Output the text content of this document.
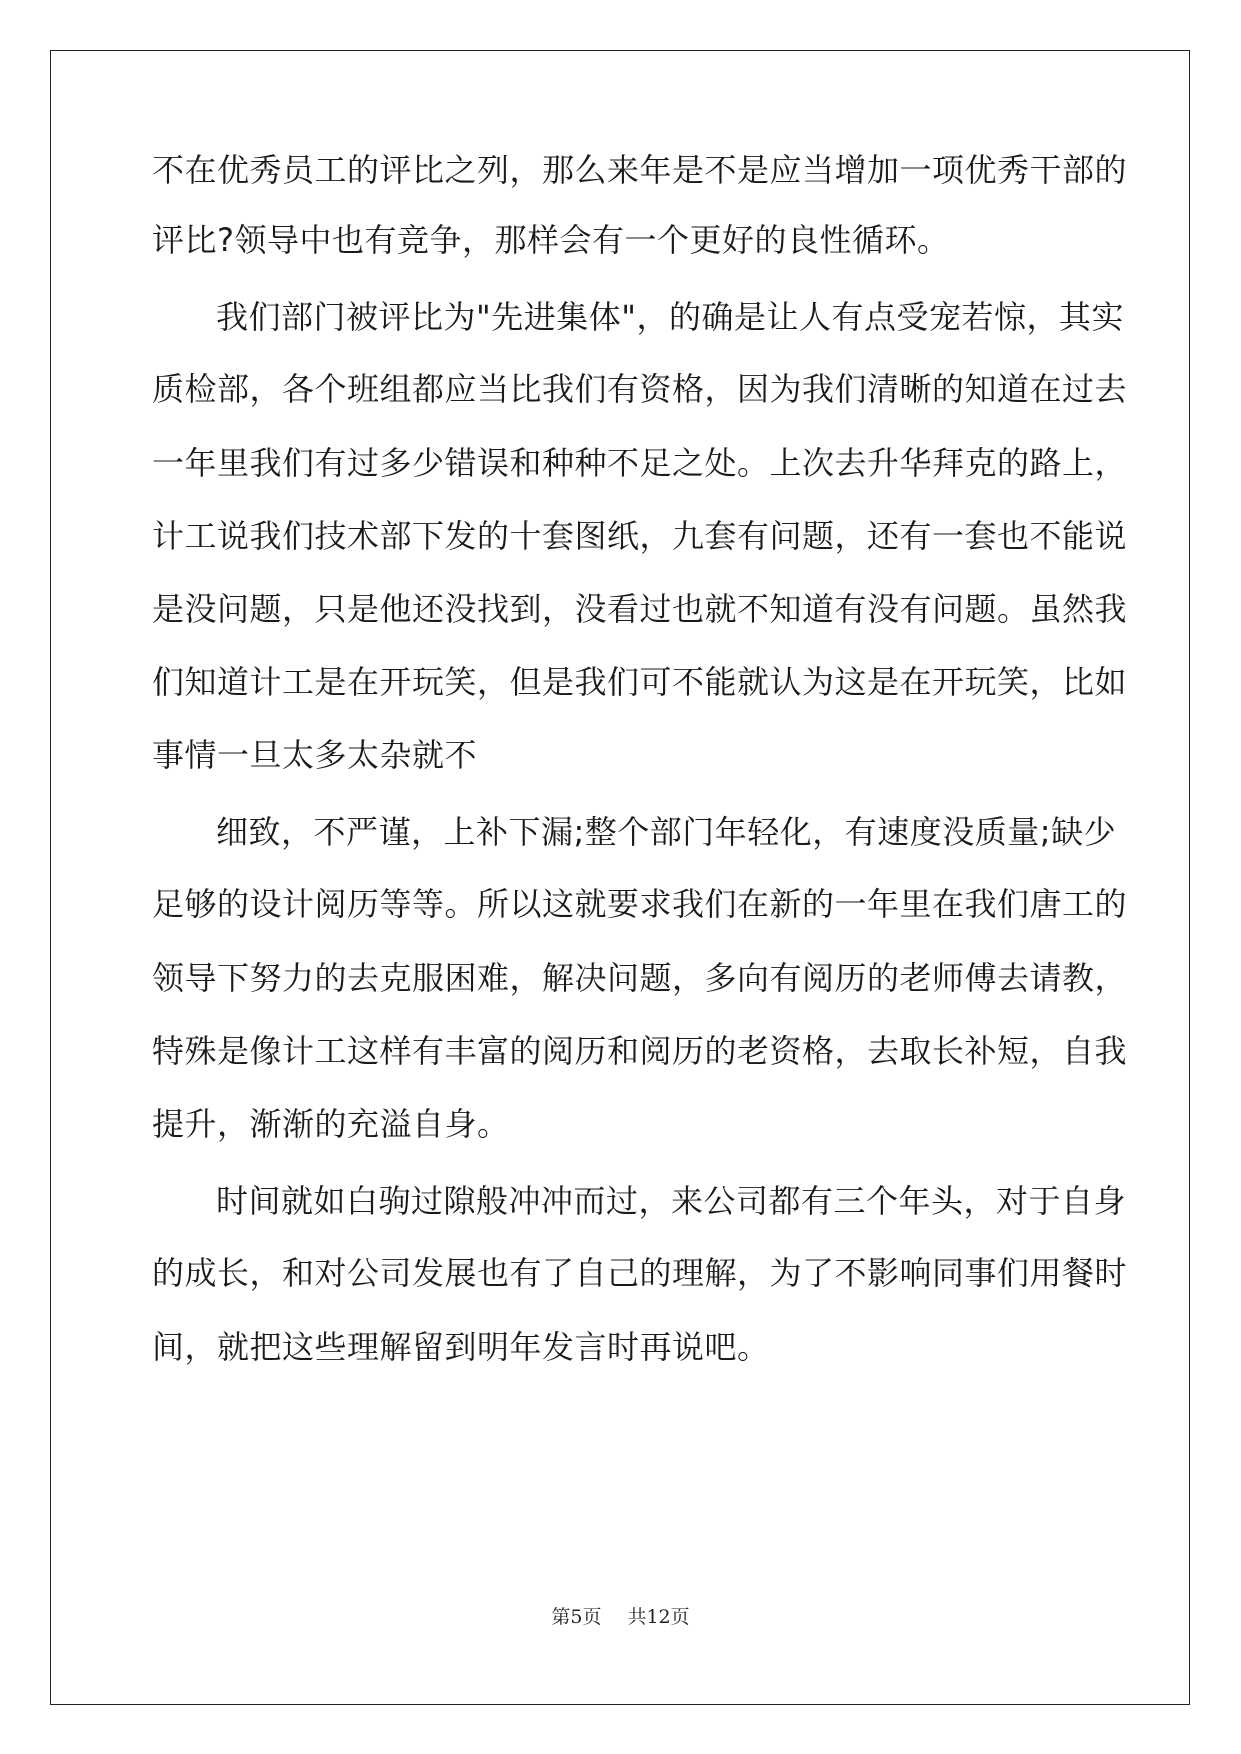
不在优秀员工的评比之列，那么来年是不是应当增加一项优秀干部的
评比?领导中也有竞争，那样会有一个更好的良性循环。
我们部门被评比为"先进集体"，的确是让人有点受宠若惊，其实
质检部，各个班组都应当比我们有资格，因为我们清晰的知道在过去
一年里我们有过多少错误和种种不足之处。上次去升华拜克的路上，
计工说我们技术部下发的十套图纸，九套有问题，还有一套也不能说
是没问题，只是他还没找到，没看过也就不知道有没有问题。虽然我
们知道计工是在开玩笑，但是我们可不能就认为这是在开玩笑，比如
事情一旦太多太杂就不
细致，不严谨，上补下漏;整个部门年轻化，有速度没质量;缺少
足够的设计阅历等等。所以这就要求我们在新的一年里在我们唐工的
领导下努力的去克服困难，解决问题，多向有阅历的老师傅去请教，
特殊是像计工这样有丰富的阅历和阅历的老资格，去取长补短，自我
提升，渐渐的充溢自身。
时间就如白驹过隙般冲冲而过，来公司都有三个年头，对于自身
的成长，和对公司发展也有了自己的理解，为了不影响同事们用餐时
间，就把这些理解留到明年发言时再说吧。
第5页 共12页
